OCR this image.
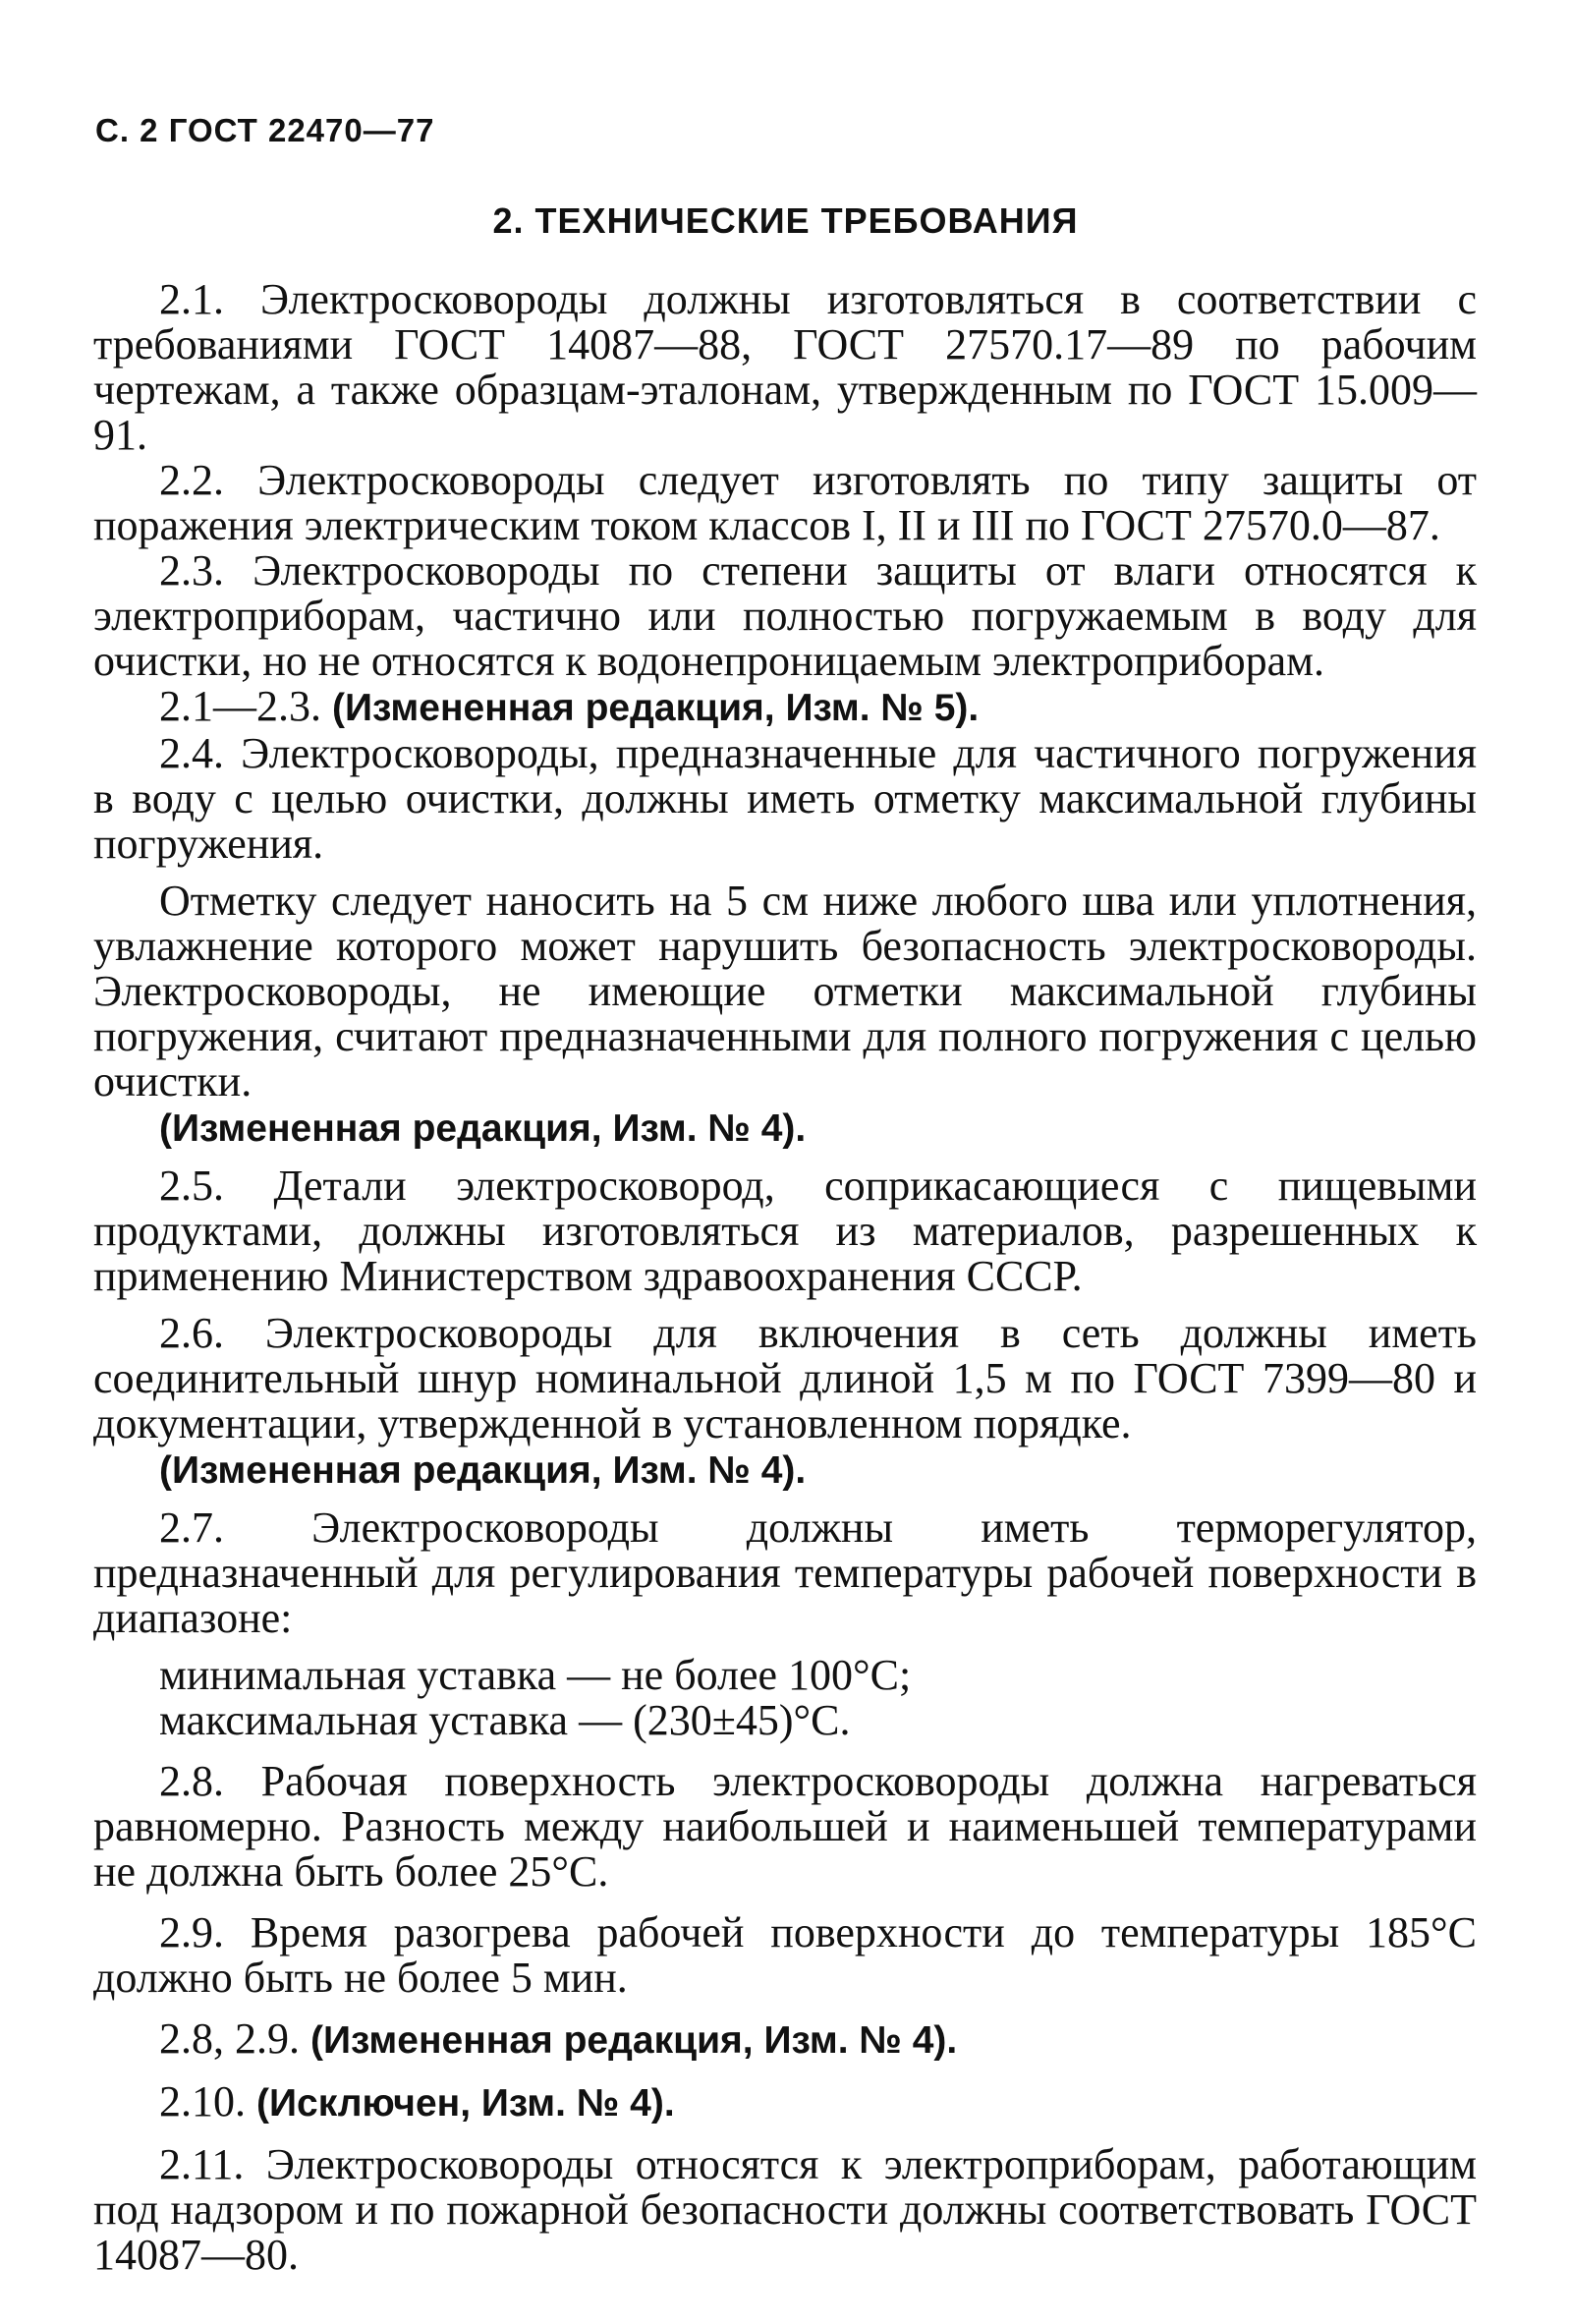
С. 2 ГОСТ 22470—77
2. ТЕХНИЧЕСКИЕ ТРЕБОВАНИЯ

2.1. Электросковороды должны изготовляться в соответствии с требованиями ГОСТ 14087—88, ГОСТ 27570.17—89 по рабочим чертежам, а также образцам-эталонам, утвержденным по ГОСТ 15.009—91.

2.2. Электросковороды следует изготовлять по типу защиты от поражения электрическим током классов I, II и III по ГОСТ 27570.0—87.

2.3. Электросковороды по степени защиты от влаги относятся к электроприборам, частично или полностью погружаемым в воду для очистки, но не относятся к водонепроницаемым электроприборам.

2.1—2.3. (Измененная редакция, Изм. № 5).

2.4. Электросковороды, предназначенные для частичного погружения в воду с целью очистки, должны иметь отметку максимальной глубины погружения.

Отметку следует наносить на 5 см ниже любого шва или уплотнения, увлажнение которого может нарушить безопасность электросковороды. Электросковороды, не имеющие отметки максимальной глубины погружения, считают предназначенными для полного погружения с целью очистки.

(Измененная редакция, Изм. № 4).

2.5. Детали электросковород, соприкасающиеся с пищевыми продуктами, должны изготовляться из материалов, разрешенных к применению Министерством здравоохранения СССР.

2.6. Электросковороды для включения в сеть должны иметь соединительный шнур номинальной длиной 1,5 м по ГОСТ 7399—80 и документации, утвержденной в установленном порядке.

(Измененная редакция, Изм. № 4).

2.7. Электросковороды должны иметь терморегулятор, предназначенный для регулирования температуры рабочей поверхности в диапазоне:

минимальная уставка — не более 100°С;

максимальная уставка — (230±45)°С.

2.8. Рабочая поверхность электросковороды должна нагреваться равномерно. Разность между наибольшей и наименьшей температурами не должна быть более 25°С.

2.9. Время разогрева рабочей поверхности до температуры 185°С должно быть не более 5 мин.

2.8, 2.9. (Измененная редакция, Изм. № 4).

2.10. (Исключен, Изм. № 4).

2.11. Электросковороды относятся к электроприборам, работающим под надзором и по пожарной безопасности должны соответствовать ГОСТ 14087—80.
